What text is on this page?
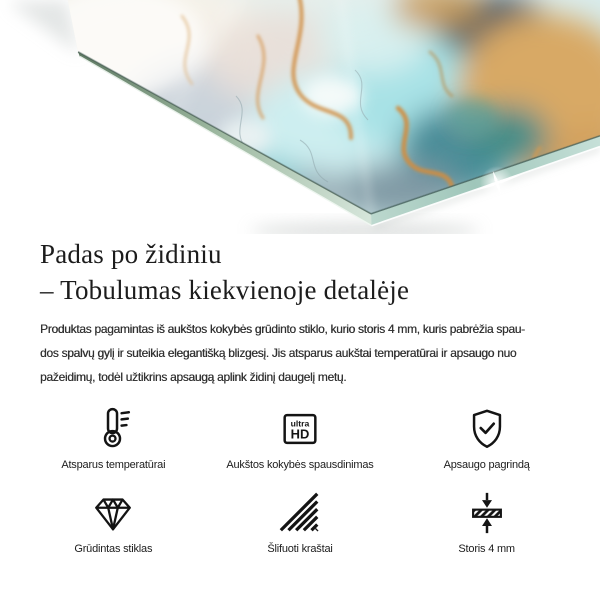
Padas po židiniu
– Tobulumas kiekvienoje detalėje

Produktas pagamintas iš aukštos kokybės grūdinto stiklo, kurio storis 4 mm, kuris pabrėžia spau-
dos spalvų gylį ir suteikia elegantišką blizgesį. Jis atsparus aukštai temperatūrai ir apsaugo nuo
pažeidimų, todėl užtikrins apsaugą aplink židinį daugelį metų.

Atsparus temperatūrai
ultra
HD
Aukštos kokybės spausdinimas	Apsaugo pagrindą
Grūdintas stiklas	Šlifuoti kraštai	Storis 4 mm
